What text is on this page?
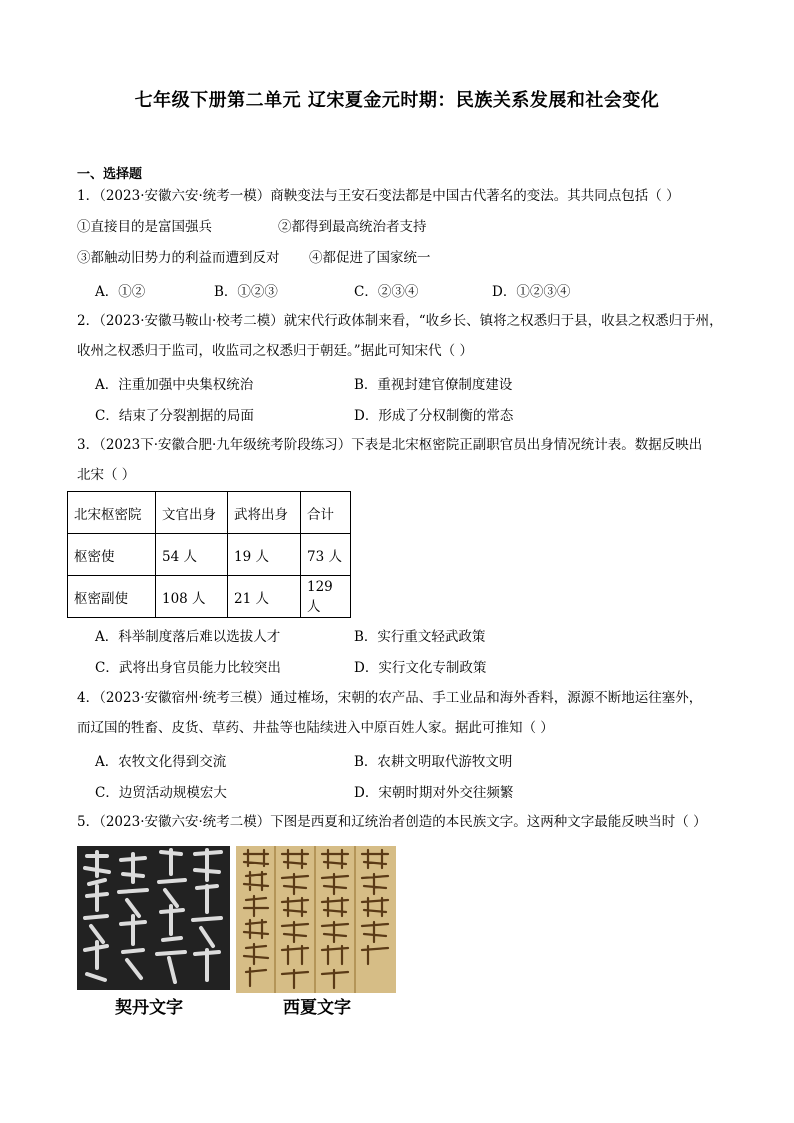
七年级下册第二单元 辽宋夏金元时期：民族关系发展和社会变化
一、选择题
1．（2023·安徽六安·统考一模）商鞅变法与王安石变法都是中国古代著名的变法。其共同点包括（ ）
①直接目的是富国强兵	②都得到最高统治者支持
③都触动旧势力的利益而遭到反对 ④都促进了国家统一
A．①②	B．①②③	C．②③④	D．①②③④
2．（2023·安徽马鞍山·校考二模）就宋代行政体制来看，“收乡长、镇将之权悉归于县，收县之权悉归于州，
收州之权悉归于监司，收监司之权悉归于朝廷。”据此可知宋代（ ）
A．注重加强中央集权统治	B．重视封建官僚制度建设
C．结束了分裂割据的局面	D．形成了分权制衡的常态
3．（2023下·安徽合肥·九年级统考阶段练习）下表是北宋枢密院正副职官员出身情况统计表。数据反映出
北宋（ ）
北宋枢密院	文官出身	武将出身	合计
枢密使	54 人	19 人	73 人
枢密副使	108 人	21 人	129 人
A．科举制度落后难以选拔人才	B．实行重文轻武政策
C．武将出身官员能力比较突出	D．实行文化专制政策
4．（2023·安徽宿州·统考三模）通过榷场，宋朝的农产品、手工业品和海外香料，源源不断地运往塞外，
而辽国的牲畜、皮货、草药、井盐等也陆续进入中原百姓人家。据此可推知（ ）
A．农牧文化得到交流	B．农耕文明取代游牧文明
C．边贸活动规模宏大	D．宋朝时期对外交往频繁
5．（2023·安徽六安·统考二模）下图是西夏和辽统治者创造的本民族文字。这两种文字最能反映当时（ ）
契丹文字	西夏文字
